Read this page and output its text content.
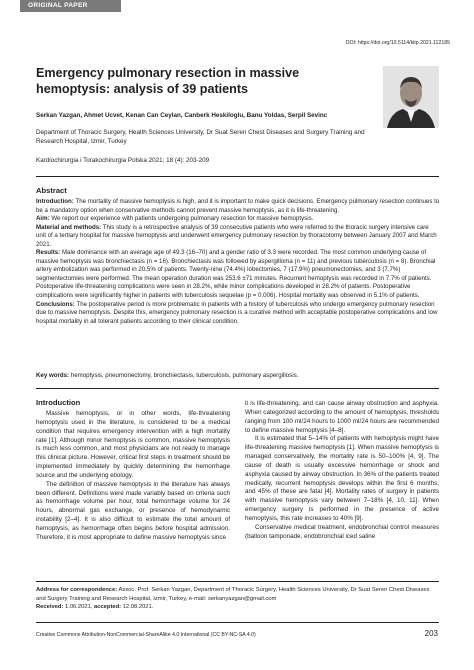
ORIGINAL PAPER
DOI: https://doi.org/10.5114/kitp.2021.112185
Emergency pulmonary resection in massive hemoptysis: analysis of 39 patients
Serkan Yazgan, Ahmet Ucvet, Kenan Can Ceylan, Canberk Heskiloglu, Banu Yoldas, Serpil Sevinc
Department of Thoracic Surgery, Health Sciences University, Dr Suat Seren Chest Diseases and Surgery Training and Research Hospital, Izmir, Turkey
Kardiochirurgia i Torakochirurgia Polska 2021; 18 (4): 203-209
Abstract

Introduction: The mortality of massive hemoptysis is high, and it is important to make quick decisions. Emergency pulmonary resection continues to be a mandatory option when conservative methods cannot prevent massive hemoptysis, as it is life-threatening.

Aim: We report our experience with patients undergoing pulmonary resection for massive hemoptysis.

Material and methods: This study is a retrospective analysis of 39 consecutive patients who were referred to the thoracic surgery intensive care unit of a tertiary hospital for massive hemoptysis and underwent emergency pulmonary resection by thoracotomy between January 2007 and March 2021.

Results: Male dominance with an average age of 49.3 (16–70) and a gender ratio of 3.3 were recorded. The most common underlying cause of massive hemoptysis was bronchiectasis (n = 16). Bronchiectasis was followed by aspergilloma (n = 11) and previous tuberculosis (n = 8). Bronchial artery embolization was performed in 20.5% of patients. Twenty-nine (74.4%) lobectomies, 7 (17.9%) pneumonectomies, and 3 (7.7%) segmentectomies were performed. The mean operation duration was 253.6 ±71 minutes. Recurrent hemoptysis was recorded in 7.7% of patients. Postoperative life-threatening complications were seen in 28.2%, while minor complications developed in 28.2% of patients. Postoperative complications were significantly higher in patients with tuberculosis sequelae (p = 0.006). Hospital mortality was observed in 5.1% of patients.

Conclusions: The postoperative period is more problematic in patients with a history of tuberculosis who undergo emergency pulmonary resection due to massive hemoptysis. Despite this, emergency pulmonary resection is a curative method with acceptable postoperative complications and low hospital mortality in all tolerant patients according to their clinical condition.

Key words: hemoptysis, pneumonectomy, bronchiectasis, tuberculosis, pulmonary aspergillosis.
Introduction

Massive hemoptysis, or in other words, life-threatening hemoptysis used in the literature, is considered to be a medical condition that requires emergency intervention with a high mortality rate [1]. Although minor hemoptysis is common, massive hemoptysis is much less common, and most physicians are not ready to manage this clinical picture. However, critical first steps in treatment should be implemented immediately by quickly determining the hemorrhage source and the underlying etiology.

The definition of massive hemoptysis in the literature has always been different. Definitions were made variably based on criteria such as hemorrhage volume per hour, total hemorrhage volume for 24 hours, abnormal gas exchange, or presence of hemodynamic instability [2–4]. It is also difficult to estimate the total amount of hemoptysis, as hemorrhage often begins before hospital admission. Therefore, it is most appropriate to define massive hemoptysis since

it is life-threatening, and can cause airway obstruction and asphyxia. When categorized according to the amount of hemoptysis, thresholds ranging from 100 ml/24 hours to 1000 ml/24 hours are recommended to define massive hemoptysis [4–8].

It is estimated that 5–14% of patients with hemoptysis might have life-threatening massive hemoptysis [1]. When massive hemoptysis is managed conservatively, the mortality rate is 50–100% [4, 9]. The cause of death is usually excessive hemorrhage or shock and asphyxia caused by airway obstruction. In 36% of the patients treated medically, recurrent hemoptysis develops within the first 6 months, and 45% of these are fatal [4]. Mortality rates of surgery in patients with massive hemoptysis vary between 7–18% [4, 10, 11]. When emergency surgery is performed in the presence of active hemoptysis, this rate increases to 40% [9].

Conservative medical treatment, endobronchial control measures (balloon tamponade, endobronchial iced saline

Address for correspondence: Assoc. Prof. Serkan Yazgan, Department of Thoracic Surgery, Health Sciences University, Dr Suat Seren Chest Diseases and Surgery Training and Research Hospital, Izmir, Turkey, e-mail: serkanyazgan@gmail.com
Received: 1.06.2021, accepted: 12.08.2021.
Creative Commons Attribution-NonCommercial-ShareAlike 4.0 International (CC BY-NC-SA 4.0)	203
